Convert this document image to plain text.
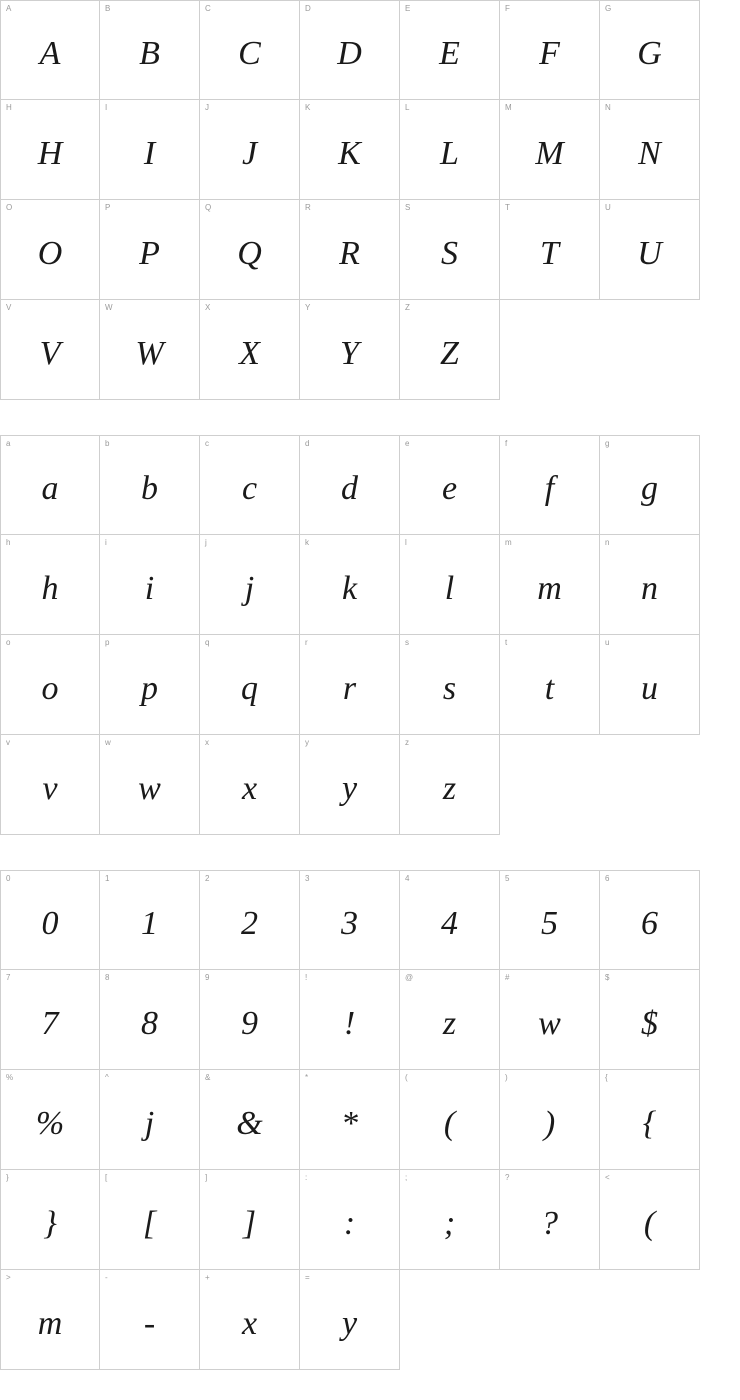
A
A
B
B
C
C
D
D
E
E
F
F
G
G
H
H
I
I
J
J
K
K
L
L
M
M
N
N
O
O
P
P
Q
Q
R
R
S
S
T
T
U
U
V
V
W
W
X
X
Y
Y
Z
Z
a
a
b
b
c
c
d
d
e
e
f
f
g
g
h
h
i
i
j
j
k
k
l
l
m
m
n
n
o
o
p
p
q
q
r
r
s
s
t
t
u
u
v
v
w
w
x
x
y
y
z
z
0
0
1
1
2
2
3
3
4
4
5
5
6
6
7
7
8
8
9
9
!
!
@
z
#
w
$
$
%
%
^
j
&
&
*
*
(
(
)
)
{
{
}
}
[
[
]
]
:
:
;
;
?
?
<
(
>
m
-
-
+
x
=
y
